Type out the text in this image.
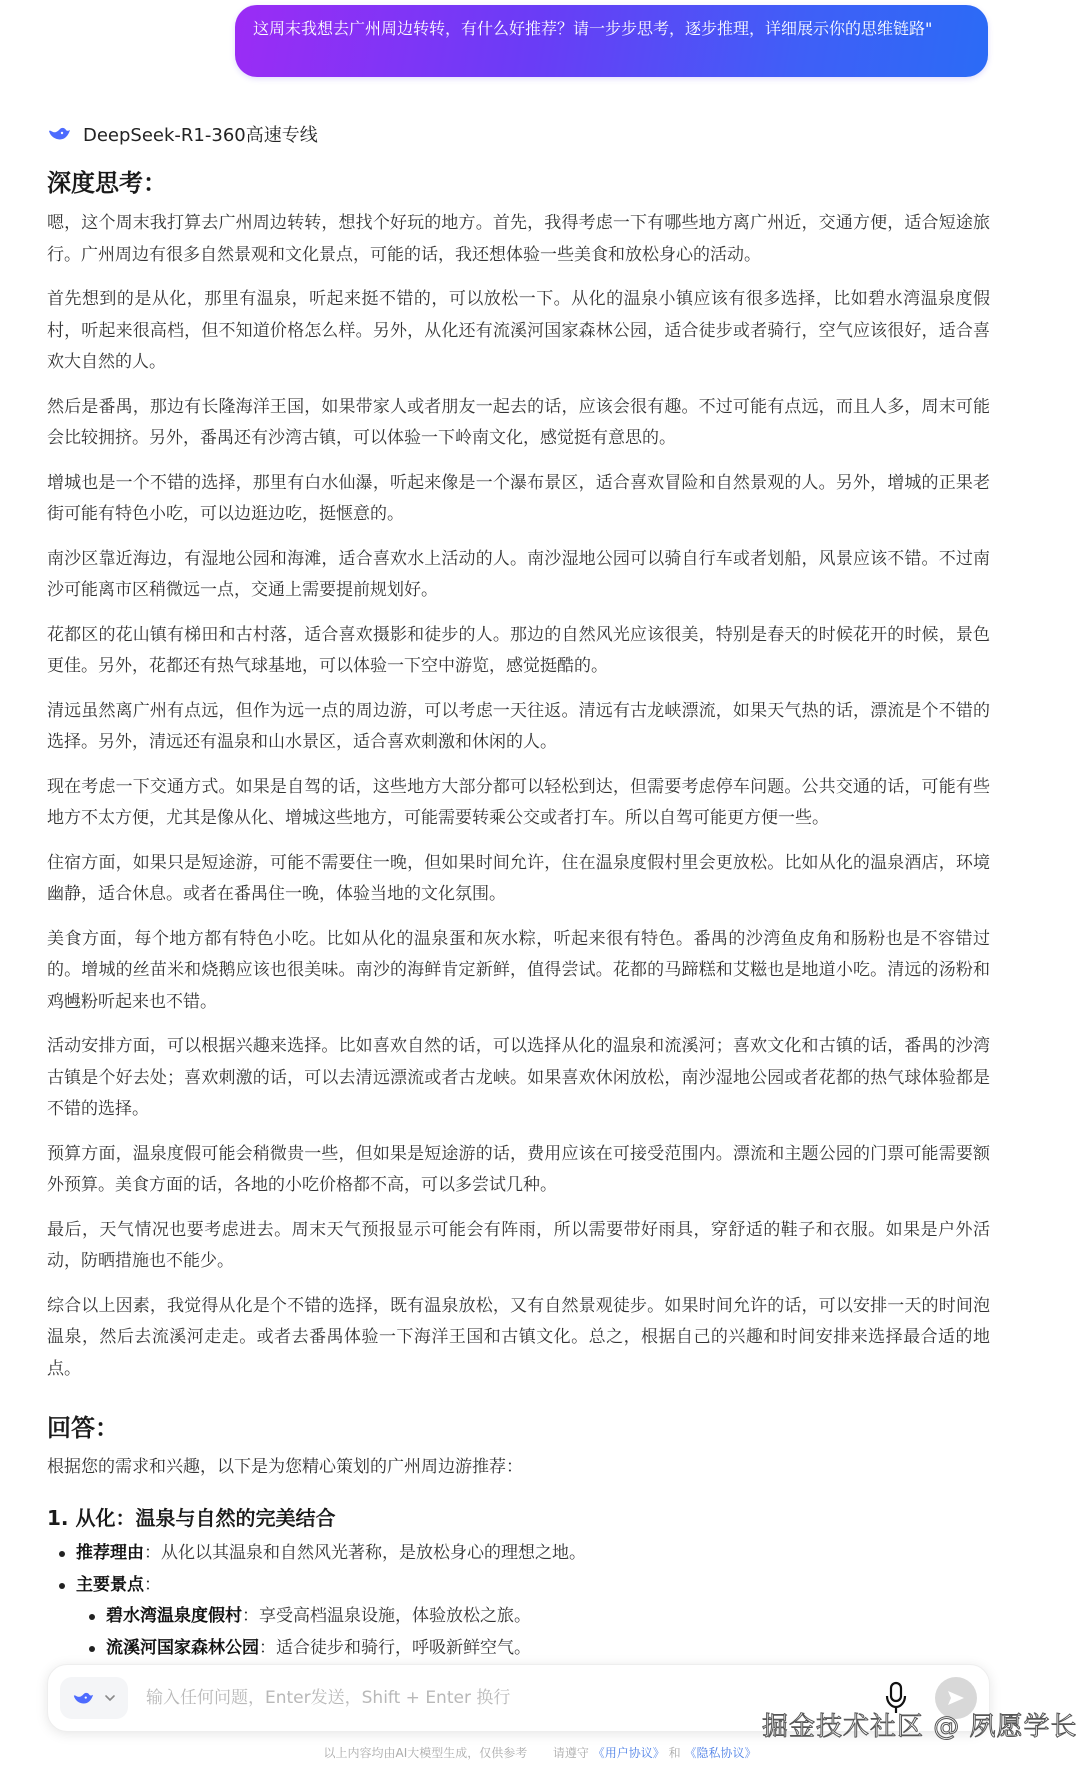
这周末我想去广州周边转转，有什么好推荐？请一步步思考，逐步推理，详细展示你的思维链路"
DeepSeek-R1-360高速专线
深度思考：

嗯，这个周末我打算去广州周边转转，想找个好玩的地方。首先，我得考虑一下有哪些地方离广州近，交通方便，适合短途旅行。广州周边有很多自然景观和文化景点，可能的话，我还想体验一些美食和放松身心的活动。

首先想到的是从化，那里有温泉，听起来挺不错的，可以放松一下。从化的温泉小镇应该有很多选择，比如碧水湾温泉度假村，听起来很高档，但不知道价格怎么样。另外，从化还有流溪河国家森林公园，适合徒步或者骑行，空气应该很好，适合喜欢大自然的人。

然后是番禺，那边有长隆海洋王国，如果带家人或者朋友一起去的话，应该会很有趣。不过可能有点远，而且人多，周末可能会比较拥挤。另外，番禺还有沙湾古镇，可以体验一下岭南文化，感觉挺有意思的。

增城也是一个不错的选择，那里有白水仙瀑，听起来像是一个瀑布景区，适合喜欢冒险和自然景观的人。另外，增城的正果老街可能有特色小吃，可以边逛边吃，挺惬意的。

南沙区靠近海边，有湿地公园和海滩，适合喜欢水上活动的人。南沙湿地公园可以骑自行车或者划船，风景应该不错。不过南沙可能离市区稍微远一点，交通上需要提前规划好。

花都区的花山镇有梯田和古村落，适合喜欢摄影和徒步的人。那边的自然风光应该很美，特别是春天的时候花开的时候，景色更佳。另外，花都还有热气球基地，可以体验一下空中游览，感觉挺酷的。

清远虽然离广州有点远，但作为远一点的周边游，可以考虑一天往返。清远有古龙峡漂流，如果天气热的话，漂流是个不错的选择。另外，清远还有温泉和山水景区，适合喜欢刺激和休闲的人。

现在考虑一下交通方式。如果是自驾的话，这些地方大部分都可以轻松到达，但需要考虑停车问题。公共交通的话，可能有些地方不太方便，尤其是像从化、增城这些地方，可能需要转乘公交或者打车。所以自驾可能更方便一些。

住宿方面，如果只是短途游，可能不需要住一晚，但如果时间允许，住在温泉度假村里会更放松。比如从化的温泉酒店，环境幽静，适合休息。或者在番禺住一晚，体验当地的文化氛围。

美食方面，每个地方都有特色小吃。比如从化的温泉蛋和灰水粽，听起来很有特色。番禺的沙湾鱼皮角和肠粉也是不容错过的。增城的丝苗米和烧鹅应该也很美味。南沙的海鲜肯定新鲜，值得尝试。花都的马蹄糕和艾糍也是地道小吃。清远的汤粉和鸡乸粉听起来也不错。

活动安排方面，可以根据兴趣来选择。比如喜欢自然的话，可以选择从化的温泉和流溪河；喜欢文化和古镇的话，番禺的沙湾古镇是个好去处；喜欢刺激的话，可以去清远漂流或者古龙峡。如果喜欢休闲放松，南沙湿地公园或者花都的热气球体验都是不错的选择。

预算方面，温泉度假可能会稍微贵一些，但如果是短途游的话，费用应该在可接受范围内。漂流和主题公园的门票可能需要额外预算。美食方面的话，各地的小吃价格都不高，可以多尝试几种。

最后，天气情况也要考虑进去。周末天气预报显示可能会有阵雨，所以需要带好雨具，穿舒适的鞋子和衣服。如果是户外活动，防晒措施也不能少。

综合以上因素，我觉得从化是个不错的选择，既有温泉放松，又有自然景观徒步。如果时间允许的话，可以安排一天的时间泡温泉，然后去流溪河走走。或者去番禺体验一下海洋王国和古镇文化。总之，根据自己的兴趣和时间安排来选择最合适的地点。

回答：
根据您的需求和兴趣，以下是为您精心策划的广州周边游推荐：
1. 从化：温泉与自然的完美结合
推荐理由：从化以其温泉和自然风光著称，是放松身心的理想之地。
主要景点：
碧水湾温泉度假村：享受高档温泉设施，体验放松之旅。
流溪河国家森林公园：适合徒步和骑行，呼吸新鲜空气。
输入任何问题，Enter发送，Shift + Enter 换行
掘金技术社区 @ 夙愿学长
以上内容均由AI大模型生成，仅供参考 请遵守 《用户协议》 和 《隐私协议》
